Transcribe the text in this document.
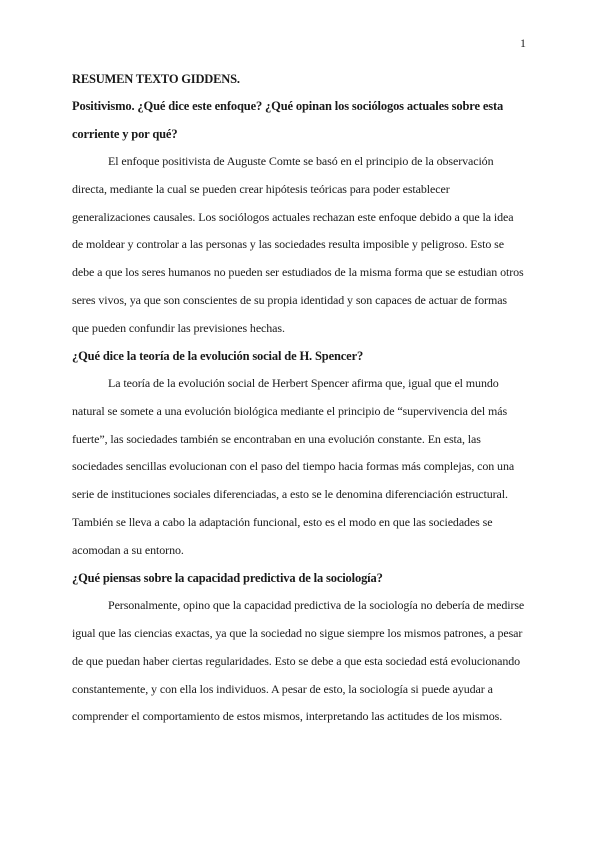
1

RESUMEN TEXTO GIDDENS.

Positivismo. ¿Qué dice este enfoque? ¿Qué opinan los sociólogos actuales sobre esta corriente y por qué?

El enfoque positivista de Auguste Comte se basó en el principio de la observación directa, mediante la cual se pueden crear hipótesis teóricas para poder establecer generalizaciones causales. Los sociólogos actuales rechazan este enfoque debido a que la idea de moldear y controlar a las personas y las sociedades resulta imposible y peligroso. Esto se debe a que los seres humanos no pueden ser estudiados de la misma forma que se estudian otros seres vivos, ya que son conscientes de su propia identidad y son capaces de actuar de formas que pueden confundir las previsiones hechas.

¿Qué dice la teoría de la evolución social de H. Spencer?

La teoría de la evolución social de Herbert Spencer afirma que, igual que el mundo natural se somete a una evolución biológica mediante el principio de “supervivencia del más fuerte”, las sociedades también se encontraban en una evolución constante. En esta, las sociedades sencillas evolucionan con el paso del tiempo hacia formas más complejas, con una serie de instituciones sociales diferenciadas, a esto se le denomina diferenciación estructural. También se lleva a cabo la adaptación funcional, esto es el modo en que las sociedades se acomodan a su entorno.

¿Qué piensas sobre la capacidad predictiva de la sociología?

Personalmente, opino que la capacidad predictiva de la sociología no debería de medirse igual que las ciencias exactas, ya que la sociedad no sigue siempre los mismos patrones, a pesar de que puedan haber ciertas regularidades. Esto se debe a que esta sociedad está evolucionando constantemente, y con ella los individuos. A pesar de esto, la sociología si puede ayudar a comprender el comportamiento de estos mismos, interpretando las actitudes de los mismos.
